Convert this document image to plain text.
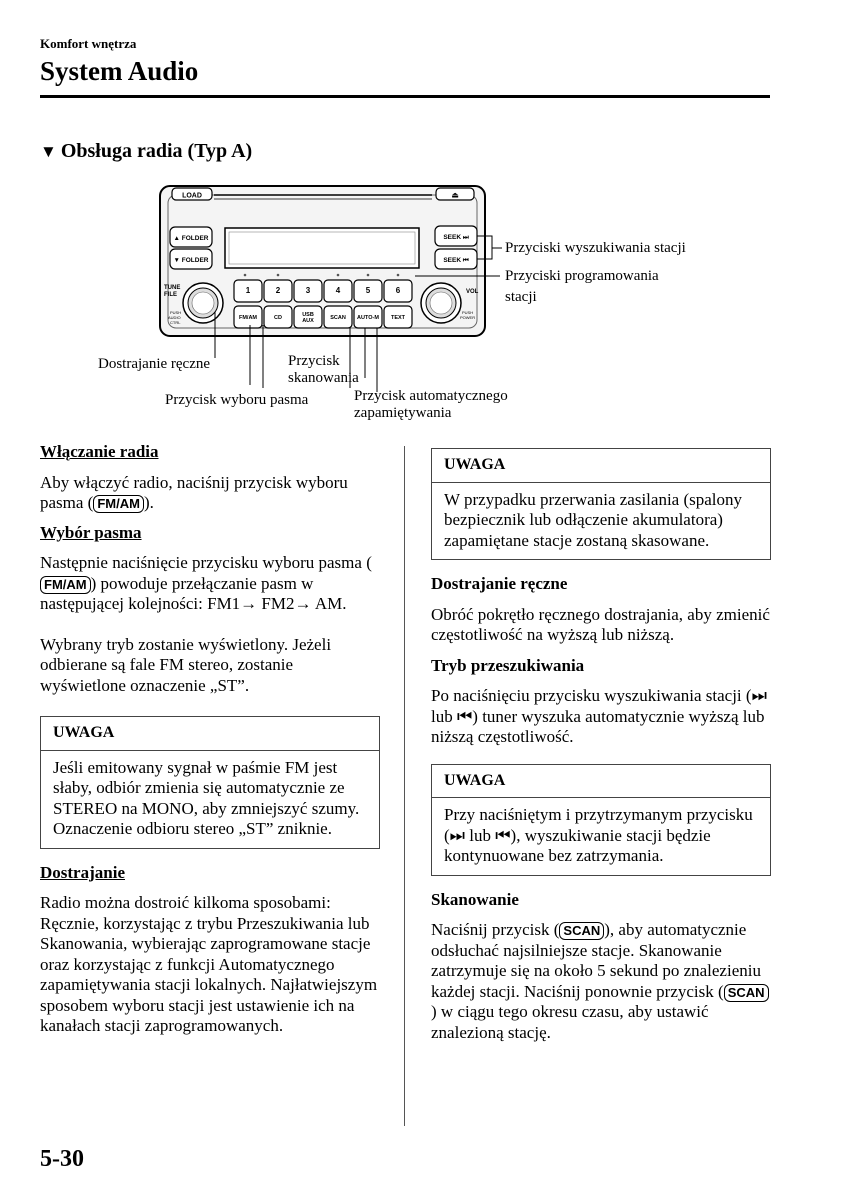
Komfort wnętrza
System Audio
▼ Obsługa radia (Typ A)
LOAD	⏏
▲ FOLDER
▼ FOLDER
SEEK ⏭
SEEK ⏮
TUNE
FILE
PUSH
AUDIO
CTRL
VOL
PUSH
POWER
1	2	3	4	5	6
FM/AM	CD	USB
AUX	SCAN AUTO-M TEXT
Przyciski wyszukiwania stacji
Przyciski programowania
stacji
Dostrajanie ręczne	Przycisk
skanowania
Przycisk wyboru pasma	Przycisk automatycznego
zapamiętywania

Włączanie radia

Aby włączyć radio, naciśnij przycisk wyboru pasma ( FM/AM ).

Wybór pasma

Następnie naciśnięcie przycisku wyboru pasma (FM/AM ) powoduje przełączanie pasm w następującej kolejności: FM1→ FM2→ AM.

Wybrany tryb zostanie wyświetlony. Jeżeli odbierane są fale FM stereo, zostanie wyświetlone oznaczenie „ST”.

UWAGA
Jeśli emitowany sygnał w paśmie FM jest słaby, odbiór zmienia się automatycznie ze STEREO na MONO, aby zmniejszyć szumy. Oznaczenie odbioru stereo „ST” zniknie.

Dostrajanie

Radio można dostroić kilkoma sposobami: Ręcznie, korzystając z trybu Przeszukiwania lub Skanowania, wybierając zaprogramowane stacje oraz korzystając z funkcji Automatycznego zapamiętywania stacji lokalnych. Najłatwiejszym sposobem wyboru stacji jest ustawienie ich na kanałach stacji zaprogramowanych.

UWAGA
W przypadku przerwania zasilania (spalony bezpiecznik lub odłączenie akumulatora) zapamiętane stacje zostaną skasowane.

Dostrajanie ręczne

Obróć pokrętło ręcznego dostrajania, aby zmienić częstotliwość na wyższą lub niższą.

Tryb przeszukiwania

Po naciśnięciu przycisku wyszukiwania stacji (⏭ lub ⏮) tuner wyszuka automatycznie wyższą lub niższą częstotliwość.

UWAGA
Przy naciśniętym i przytrzymanym przycisku (⏭ lub ⏮), wyszukiwanie stacji będzie kontynuowane bez zatrzymania.

Skanowanie

Naciśnij przycisk ( SCAN ), aby automatycznie odsłuchać najsilniejsze stacje. Skanowanie zatrzymuje się na około 5 sekund po znalezieniu każdej stacji. Naciśnij ponownie przycisk ( SCAN) w ciągu tego okresu czasu, aby ustawić znalezioną stację.

5-30
